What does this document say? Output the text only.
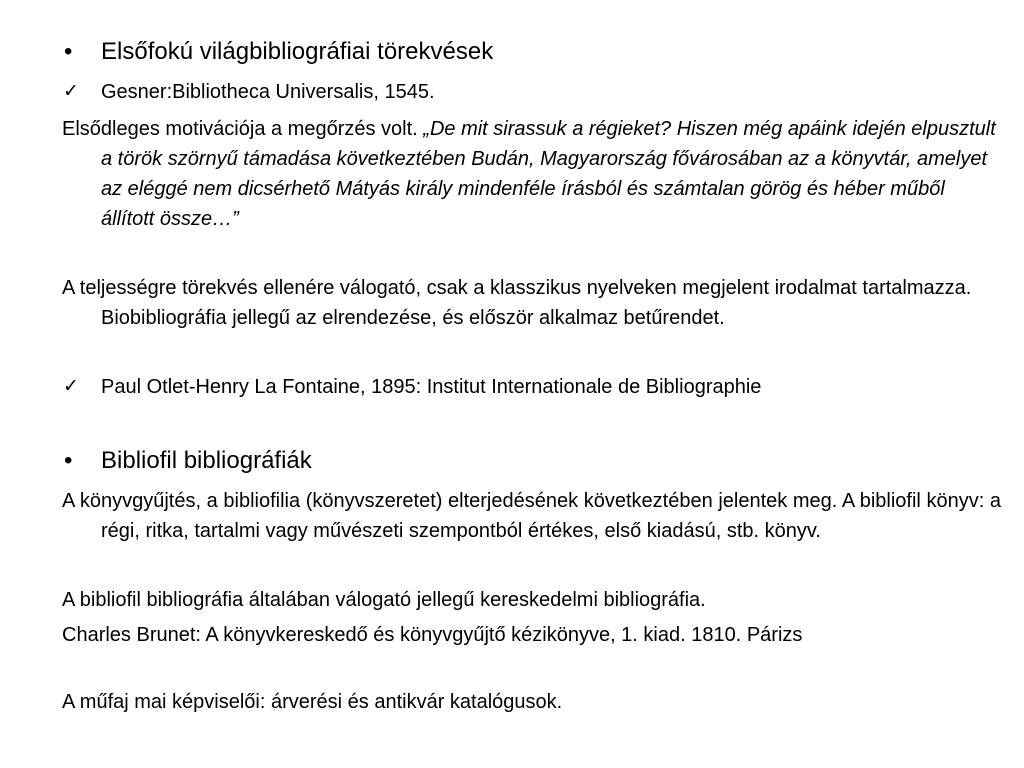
•	Elsőfokú világbibliográfiai törekvések
✓	Gesner:Bibliotheca Universalis, 1545.
Elsődleges motivációja a megőrzés volt. „De mit sirassuk a régieket? Hiszen még apáink idején elpusztult a török szörnyű támadása következtében Budán, Magyarország fővárosában az a könyvtár, amelyet az eléggé nem dicsérhető Mátyás király mindenféle írásból és számtalan görög és héber műből állított össze…”
A teljességre törekvés ellenére válogató, csak a klasszikus nyelveken megjelent irodalmat tartalmazza. Biobibliográfia jellegű az elrendezése, és először alkalmaz betűrendet.
✓	Paul Otlet-Henry La Fontaine, 1895: Institut Internationale de Bibliographie
•	Bibliofil bibliográfiák
A könyvgyűjtés, a bibliofilia (könyvszeretet) elterjedésének következtében jelentek meg. A bibliofil könyv: a régi, ritka, tartalmi vagy művészeti szempontból értékes, első kiadású, stb. könyv.
A bibliofil bibliográfia általában válogató jellegű kereskedelmi bibliográfia.
Charles Brunet: A könyvkereskedő és könyvgyűjtő kézikönyve, 1. kiad. 1810. Párizs
A műfaj mai képviselői: árverési és antikvár katalógusok.
